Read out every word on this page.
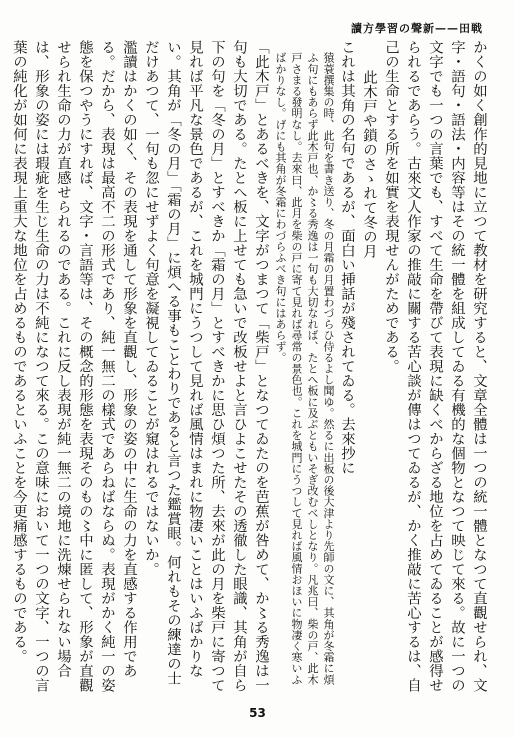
戦田——新聲の習學方讀

かくの如く創作的見地に立つて教材を研究すると、文章全體は一つの統一體となつて直觀せられ、文字・語句・語法・内容等はその統一體を組成してゐる有機的な個物となつて映じて來る。故に一つの文字でも一つの言葉でも、すべて生命を帶びて表現に缺くべからざる地位を占めてゐることが感得せられるであらう。古來文人作家の推敲に關する苦心談が傳はつてゐるが、かく推敲に苦心するは、自己の生命とする所を如實を表現せんがためである。

此木戸や鎖のさゝれて冬の月

これは其角の名句であるが、面白い挿話が殘されてゐる。去來抄に

猿蓑撰集の時、此句を書き送り、冬の月霜の月置わづらひ侍るよし聞ゆ。然るに出板の後大津より先師の文に、其角が冬霜に煩ふ句にもあらず此木戸也、か〻る秀逸は一句も大切なれば、たとへ板に及ぶともいそぎ改むべしとなり。凡兆曰、柴の戸、此木戸さまる發明なし。去來曰、此月を柴の戸に寄て見れば尋常の景色也。これを城門にうつして見れば風情おほいに物凄く寒いふばかりなし。げにも其角が冬霜にわづらふべき句にはあらず。

「此木戸」とあるべきを、文字がつまつて「柴戸」となつてゐたのを芭蕉が咎めて、か〻る秀逸は一句も大切である。たとへ板に上せても急いで改板せよと言ひよこせたその透徹した眼識、其角が自ら下の句を「冬の月」とすべきか「霜の月」とすべきかに思ひ煩つた所、去來が此の月を柴戸に寄つて見れば平凡な景色であるが、これを城門にうつして見れば風情はまれに物凄いことはいふばかりない。其角が「冬の月」「霜の月」に煩へる事もことわりであると言つた鑑賞眼。何れもその練達の士だけあつて、一句も忽にせずよく句意を凝視してゐることが窺はれるではないか。

濫讀はかくの如く、その表現を通して形象を直觀し、形象の姿の中に生命の力を直感する作用である。だから、表現は最高不二の形式であり、純一無二の樣式であらねばならぬ。表現がかく純一の姿態を保つやうにすれば、文字・言語等は、その概念的形態を表現そのもの〻中に匿して、形象が直觀せられ生命の力が直感せられるのである。これに反し表現が純一無二の境地に洗煉せられない場合は、形象の姿には瑕疵を生じ生命の力は不純になつて來る。この意味において一つの文字、一つの言葉の純化が如何に表現上重大な地位を占めるものであるといふことを今更痛感するものである。

53
